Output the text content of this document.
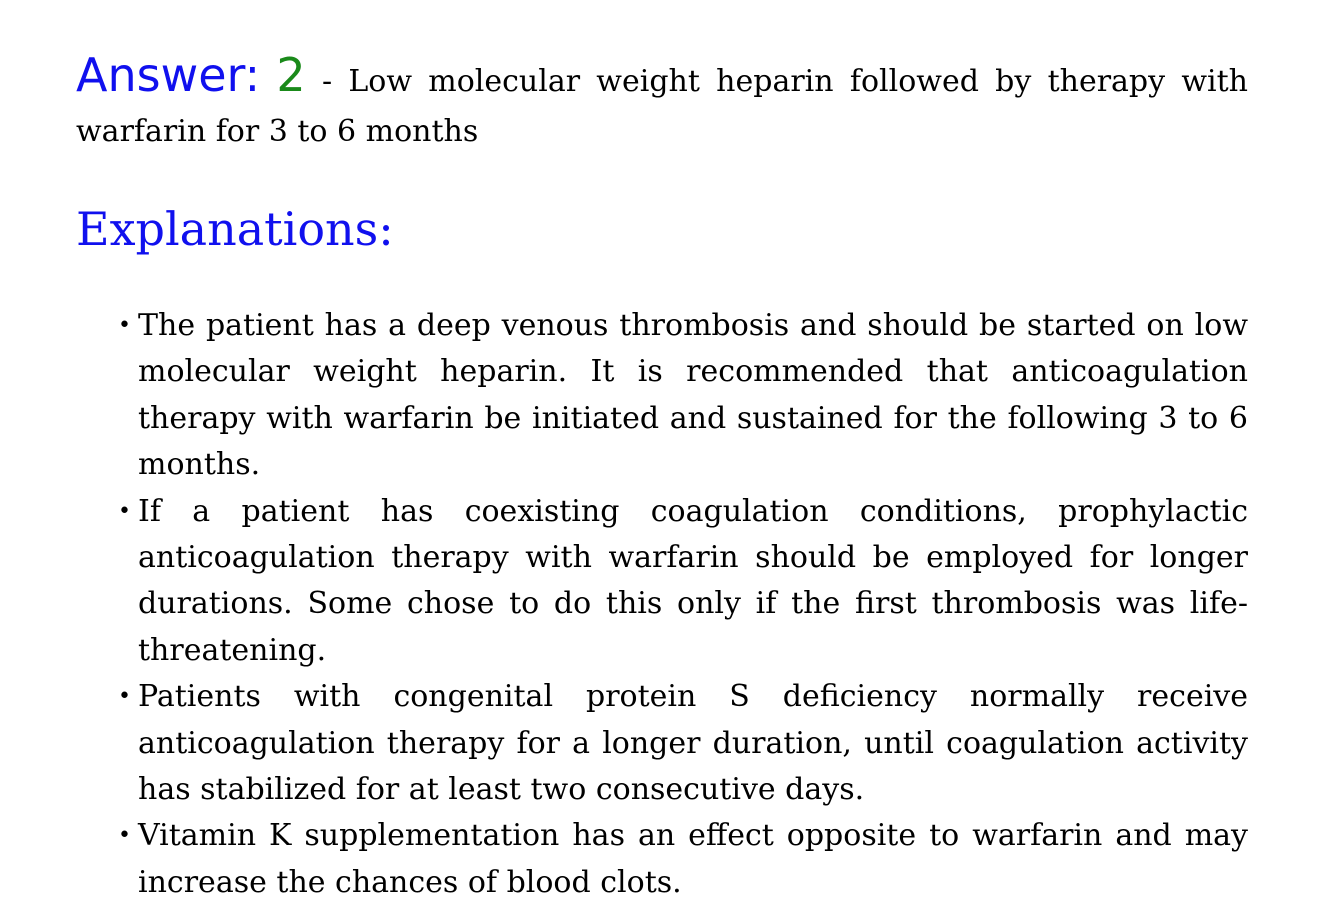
Answer: 2 - Low molecular weight heparin followed by therapy with warfarin for 3 to 6 months
Explanations:
• The patient has a deep venous thrombosis and should be started on low molecular weight heparin. It is recommended that anticoagulation therapy with warfarin be initiated and sustained for the following 3 to 6 months.
• If a patient has coexisting coagulation conditions, prophylactic anticoagulation therapy with warfarin should be employed for longer durations. Some chose to do this only if the first thrombosis was life-threatening.
• Patients with congenital protein S deficiency normally receive anticoagulation therapy for a longer duration, until coagulation activity has stabilized for at least two consecutive days.
• Vitamin K supplementation has an effect opposite to warfarin and may increase the chances of blood clots.
